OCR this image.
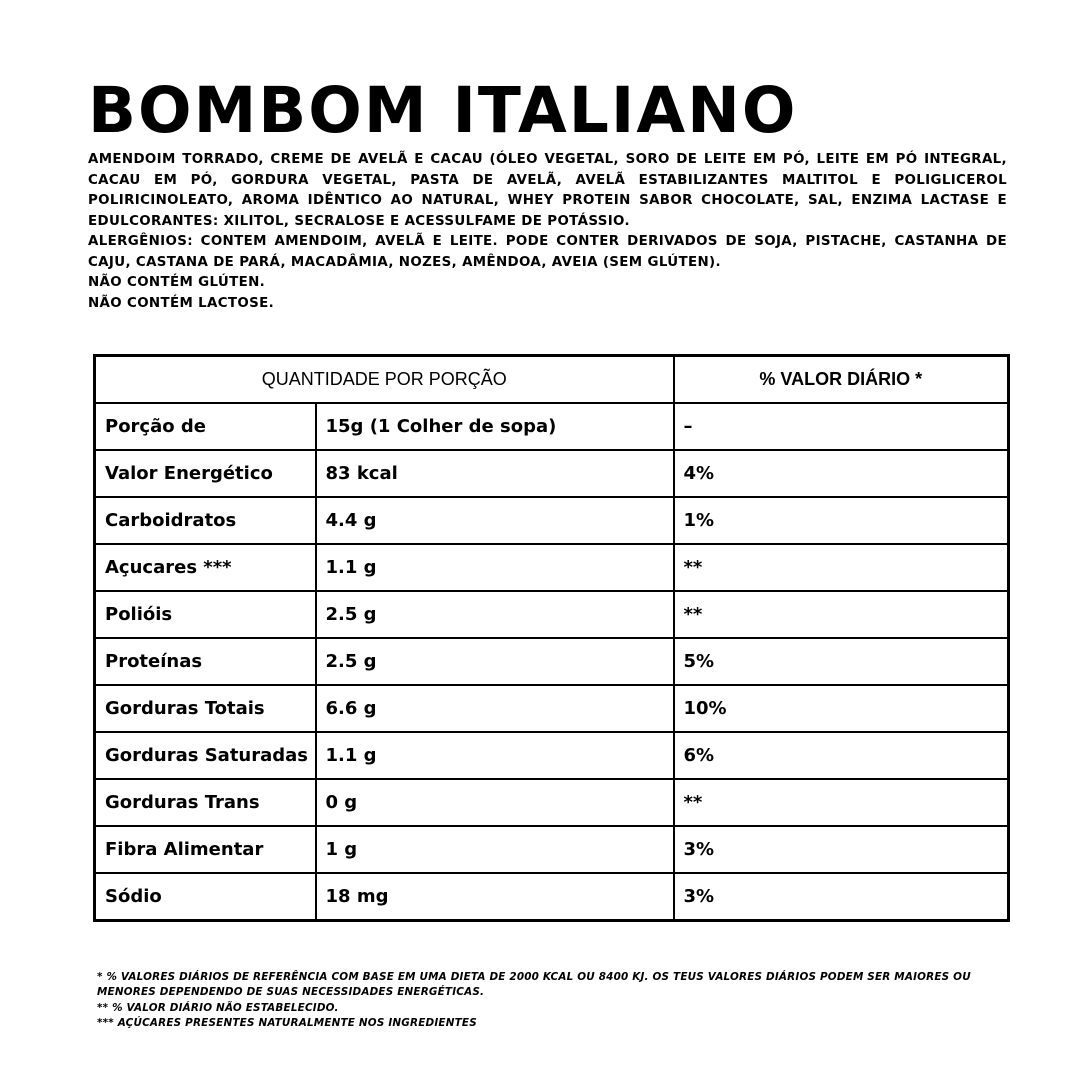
BOMBOM ITALIANO

AMENDOIM TORRADO, CREME DE AVELÃ E CACAU (ÓLEO VEGETAL, SORO DE LEITE EM PÓ, LEITE EM PÓ INTEGRAL, CACAU EM PÓ, GORDURA VEGETAL, PASTA DE AVELÃ, AVELÃ ESTABILIZANTES MALTITOL E POLIGLICEROL POLIRICINOLEATO, AROMA IDÊNTICO AO NATURAL, WHEY PROTEIN SABOR CHOCOLATE, SAL, ENZIMA LACTASE E EDULCORANTES: XILITOL, SECRALOSE E ACESSULFAME DE POTÁSSIO.

ALERGÊNIOS: CONTEM AMENDOIM, AVELÃ E LEITE. PODE CONTER DERIVADOS DE SOJA, PISTACHE, CASTANHA DE CAJU, CASTANA DE PARÁ, MACADÂMIA, NOZES, AMÊNDOA, AVEIA (SEM GLÚTEN).

NÃO CONTÉM GLÚTEN.

NÃO CONTÉM LACTOSE.

QUANTIDADE POR PORÇÃO		% VALOR DIÁRIO *
Porção de	15g (1 Colher de sopa)	–
Valor Energético	83 kcal	4%
Carboidratos	4.4 g	1%
Açucares ***	1.1 g	**
Polióis	2.5 g	**
Proteínas	2.5 g	5%
Gorduras Totais	6.6 g	10%
Gorduras Saturadas	1.1 g	6%
Gorduras Trans	0 g	**
Fibra Alimentar	1 g	3%
Sódio	18 mg	3%

* % VALORES DIÁRIOS DE REFERÊNCIA COM BASE EM UMA DIETA DE 2000 KCAL OU 8400 KJ. OS TEUS VALORES DIÁRIOS PODEM SER MAIORES OU MENORES DEPENDENDO DE SUAS NECESSIDADES ENERGÉTICAS.

** % VALOR DIÁRIO NÃO ESTABELECIDO.

*** AÇÚCARES PRESENTES NATURALMENTE NOS INGREDIENTES
